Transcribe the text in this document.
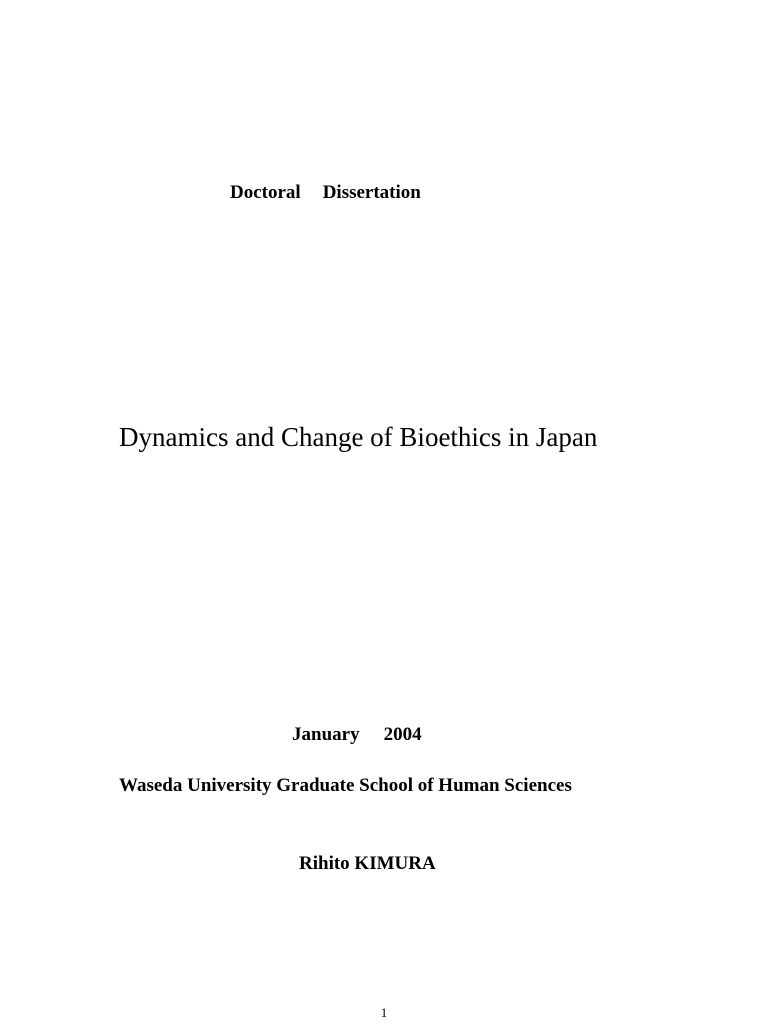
Doctoral Dissertation
Dynamics and Change of Bioethics in Japan
January 2004
Waseda University Graduate School of Human Sciences
Rihito KIMURA
1
